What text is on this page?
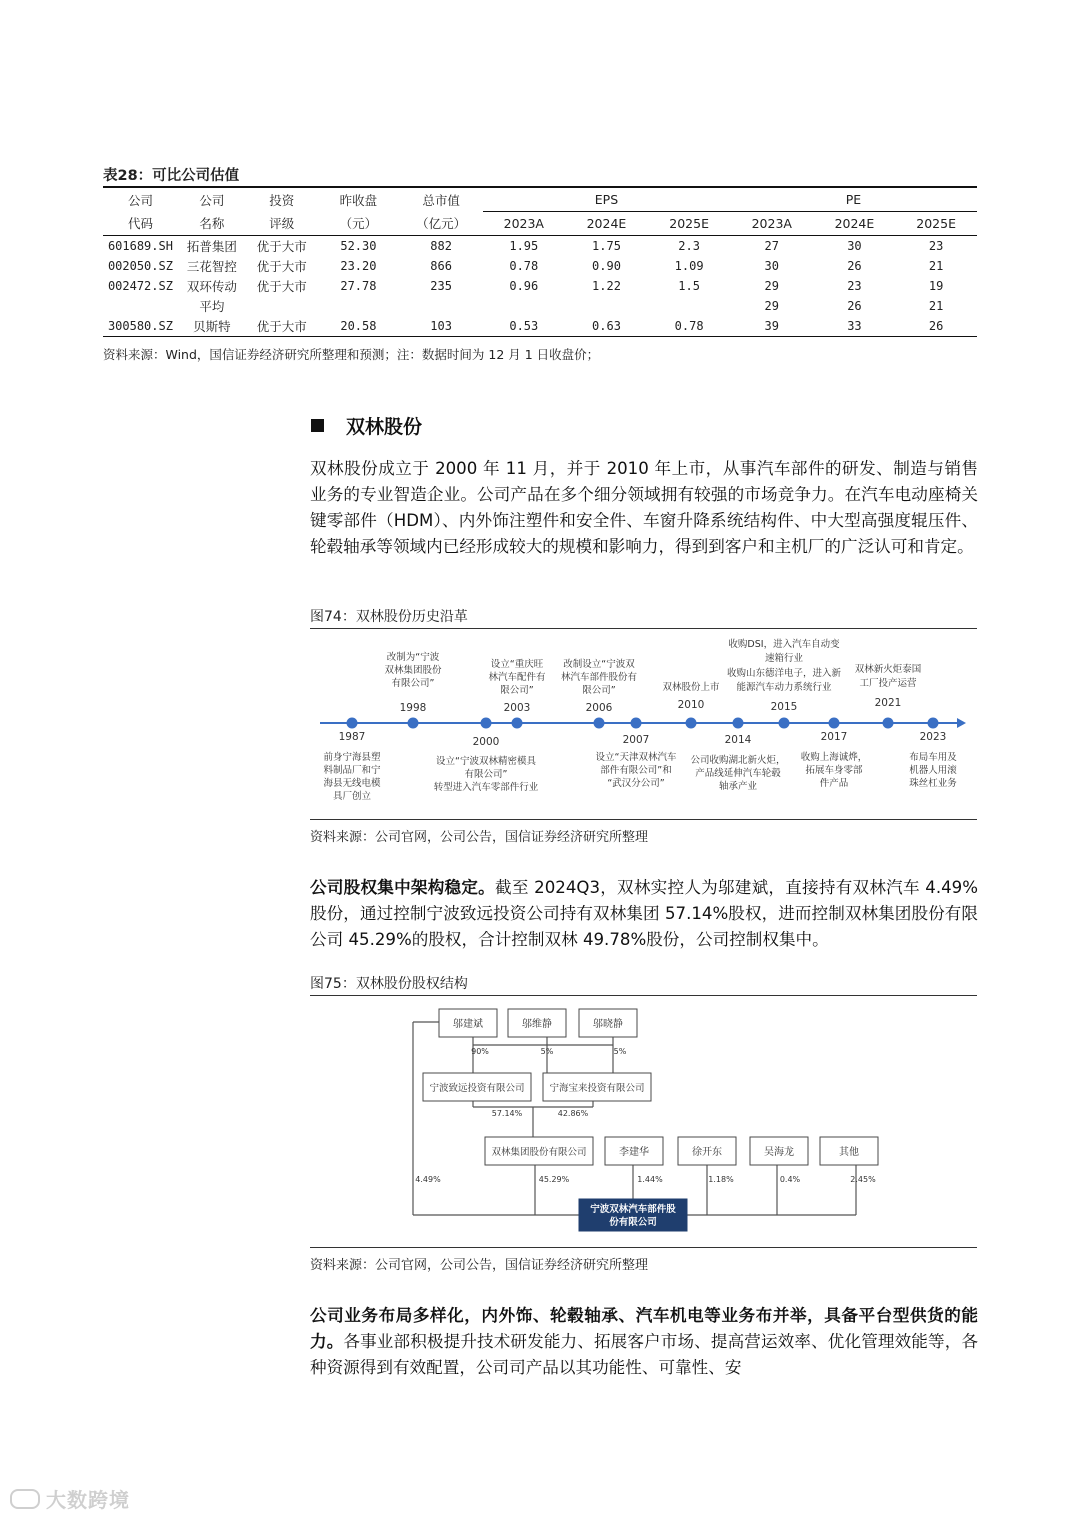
表28：可比公司估值
公司	公司	投资	昨收盘	总市值	EPS			PE		
代码	名称	评级	（元）	（亿元）	2023A	2024E	2025E	2023A	2024E	2025E
601689.SH	拓普集团	优于大市	52.30	882	1.95	1.75	2.3	27	30	23
002050.SZ	三花智控	优于大市	23.20	866	0.78	0.90	1.09	30	26	21
002472.SZ	双环传动	优于大市	27.78	235	0.96	1.22	1.5	29	23	19
	平均							29	26	21
300580.SZ	贝斯特	优于大市	20.58	103	0.53	0.63	0.78	39	33	26
资料来源：Wind，国信证券经济研究所整理和预测；注：数据时间为 12 月 1 日收盘价；
双林股份
双林股份成立于 2000 年 11 月，并于 2010 年上市，从事汽车部件的研发、制造与销售业务的专业智造企业。公司产品在多个细分领域拥有较强的市场竞争力。在汽车电动座椅关键零部件（HDM）、内外饰注塑件和安全件、车窗升降系统结构件、中大型高强度辊压件、轮毂轴承等领域内已经形成较大的规模和影响力，得到到客户和主机厂的广泛认可和肯定。
图74：双林股份历史沿革
1987
前身宁海县塑
料制品厂和宁
海县无线电模
具厂创立
1998
改制为“宁波
双林集团股份
有限公司”
2000
设立“宁波双林精密模具
有限公司”
转型进入汽车零部件行业
2003
设立“重庆旺
林汽车配件有
限公司”
2006
改制设立“宁波双
林汽车部件股份有
限公司”
2007
设立“天津双林汽车
部件有限公司”和
“武汉分公司”
2010
双林股份上市
2014
公司收购湖北新火炬，
产品线延伸汽车轮毂
轴承产业
2015
收购DSI，进入汽车自动变
速箱行业
收购山东德洋电子，进入新
能源汽车动力系统行业
2017
收购上海诚烨，
拓展车身零部
件产品
2021
双林新火炬泰国
工厂投产运营
2023
布局车用及
机器人用滚
珠丝杠业务
资料来源：公司官网，公司公告，国信证券经济研究所整理
公司股权集中架构稳定。截至 2024Q3，双林实控人为邬建斌，直接持有双林汽车 4.49%股份，通过控制宁波致远投资公司持有双林集团 57.14%股权，进而控制双林集团股份有限公司 45.29%的股权，合计控制双林 49.78%股份，公司控制权集中。
图75：双林股份股权结构
邬建斌	邬维静	邬晓静
90%	5%	5%
宁波致远投资有限公司	宁海宝来投资有限公司
57.14%	42.86%
双林集团股份有限公司	李建华	徐开东	吴海龙	其他
4.49%	45.29%	1.44%	1.18%	0.4%	2.45%
宁波双林汽车部件股
份有限公司
资料来源：公司官网，公司公告，国信证券经济研究所整理
公司业务布局多样化，内外饰、轮毂轴承、汽车机电等业务布并举，具备平台型供货的能力。各事业部积极提升技术研发能力、拓展客户市场、提高营运效率、优化管理效能等，各种资源得到有效配置，公司司产品以其功能性、可靠性、安
大数跨境
